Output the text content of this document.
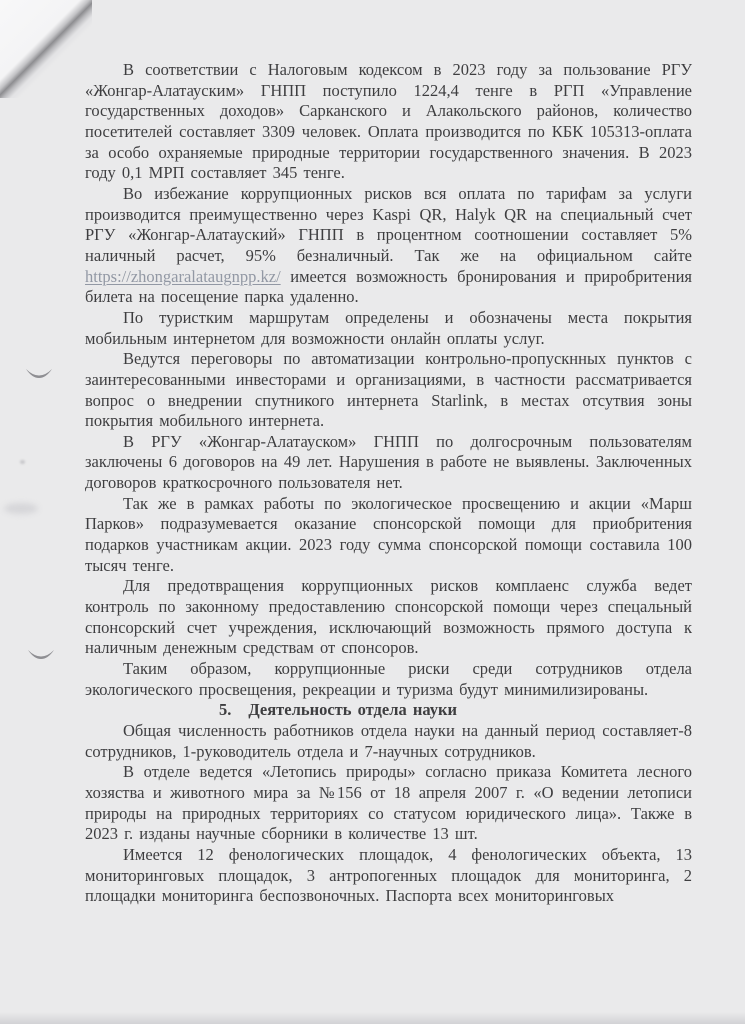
В соответствии с Налоговым кодексом в 2023 году за пользование РГУ «Жонгар-Алатауским» ГНПП поступило 1224,4 тенге в РГП «Управление государственных доходов» Сарканского и Алакольского районов, количество посетителей составляет 3309 человек. Оплата производится по КБК 105313-оплата за особо охраняемые природные территории государственного значения. В 2023 году 0,1 МРП составляет 345 тенге.

Во избежание коррупционных рисков вся оплата по тарифам за услуги производится преимущественно через Kaspi QR, Halyk QR на специальный счет РГУ «Жонгар-Алатауский» ГНПП в процентном соотношении составляет 5% наличный расчет, 95% безналичный. Так же на официальном сайте https://zhongaralataugnpp.kz/ имеется возможность бронирования и приробритения билета на посещение парка удаленно.

По туристким маршрутам определены и обозначены места покрытия мобильным интернетом для возможности онлайн оплаты услуг.

Ведутся переговоры по автоматизации контрольно-пропускнных пунктов с заинтересованными инвесторами и организациями, в частности рассматривается вопрос о внедрении спутникого интернета Starlink, в местах отсутвия зоны покрытия мобильного интернета.

В РГУ «Жонгар-Алатауском» ГНПП по долгосрочным пользователям заключены 6 договоров на 49 лет. Нарушения в работе не выявлены. Заключенных договоров краткосрочного пользователя нет.

Так же в рамках работы по экологическое просвещению и акции «Марш Парков» подразумевается оказание спонсорской помощи для приобритения подарков участникам акции. 2023 году сумма спонсорской помощи составила 100 тысяч тенге.

Для предотвращения коррупционных рисков комплаенс служба ведет контроль по законному предоставлению спонсорской помощи через спецальный спонсорский счет учреждения, исключающий возможность прямого доступа к наличным денежным средствам от спонсоров.

Таким образом, коррупционные риски среди сотрудников отдела экологического просвещения, рекреации и туризма будут минимилизированы.

5. Деятельность отдела науки

Общая численность работников отдела науки на данный период составляет-8 сотрудников, 1-руководитель отдела и 7-научных сотрудников.

В отделе ведется «Летопись природы» согласно приказа Комитета лесного хозяства и животного мира за №156 от 18 апреля 2007 г. «О ведении летописи природы на природных территориях со статусом юридического лица». Также в 2023 г. изданы научные сборники в количестве 13 шт.

Имеется 12 фенологических площадок, 4 фенологических объекта, 13 мониторинговых площадок, 3 антропогенных площадок для мониторинга, 2 площадки мониторинга беспозвоночных. Паспорта всех мониторинговых
